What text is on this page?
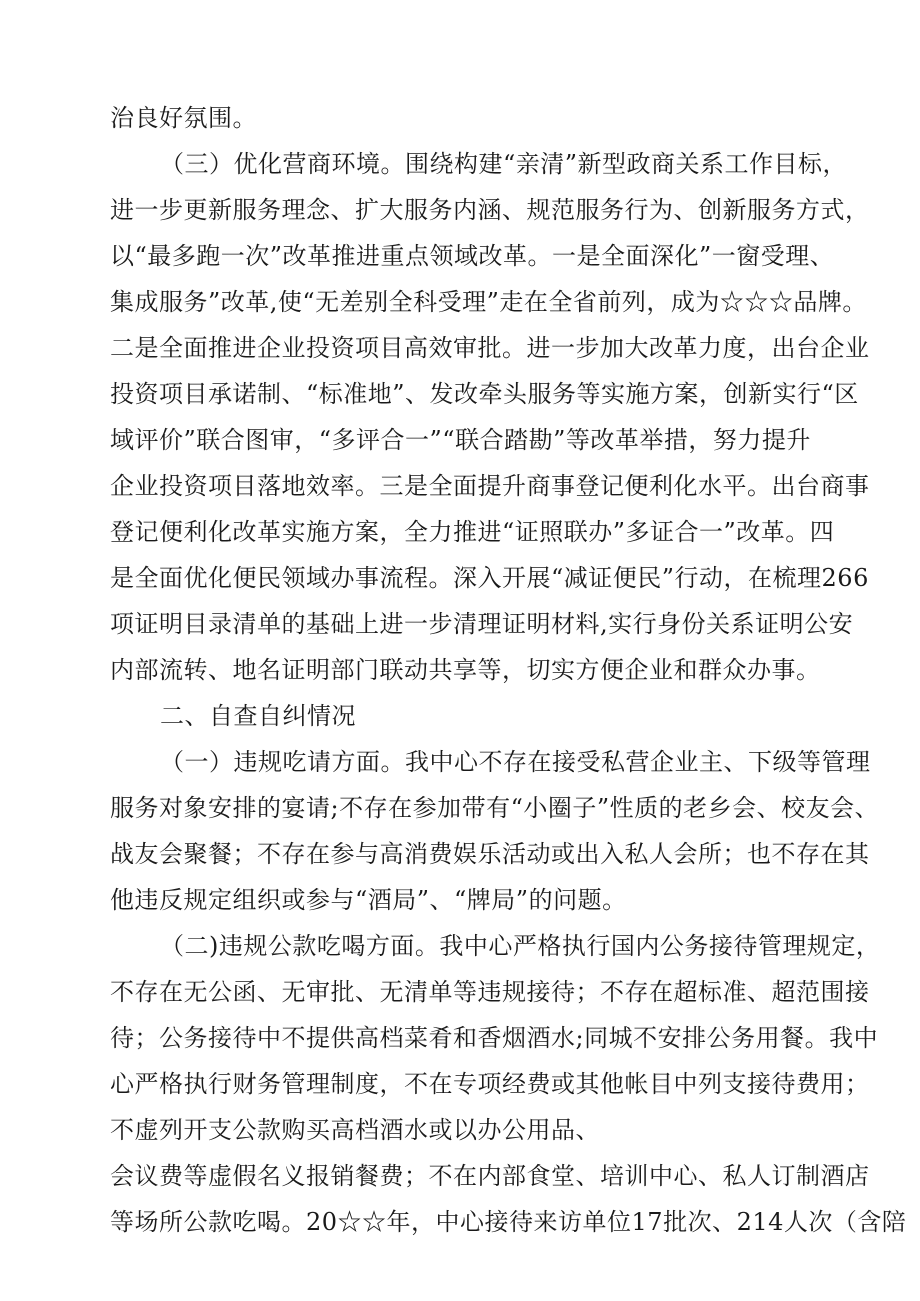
治良好氛围。
（三）优化营商环境。围绕构建“亲清”新型政商关系工作目标，
进一步更新服务理念、扩大服务内涵、规范服务行为、创新服务方式，
以“最多跑一次”改革推进重点领域改革。一是全面深化”一窗受理、
集成服务”改革,使“无差别全科受理”走在全省前列，成为☆☆☆品牌。
二是全面推进企业投资项目高效审批。进一步加大改革力度，出台企业
投资项目承诺制、“标准地”、发改牵头服务等实施方案，创新实行“区
域评价”联合图审，“多评合一”“联合踏勘”等改革举措，努力提升
企业投资项目落地效率。三是全面提升商事登记便利化水平。出台商事
登记便利化改革实施方案，全力推进“证照联办”多证合一”改革。四
是全面优化便民领域办事流程。深入开展“减证便民”行动，在梳理266
项证明目录清单的基础上进一步清理证明材料,实行身份关系证明公安
内部流转、地名证明部门联动共享等，切实方便企业和群众办事。
二、自查自纠情况
（一）违规吃请方面。我中心不存在接受私营企业主、下级等管理
服务对象安排的宴请;不存在参加带有“小圈子”性质的老乡会、校友会、
战友会聚餐；不存在参与高消费娱乐活动或出入私人会所；也不存在其
他违反规定组织或参与“酒局”、“牌局”的问题。
（二)违规公款吃喝方面。我中心严格执行国内公务接待管理规定，
不存在无公函、无审批、无清单等违规接待；不存在超标准、超范围接
待；公务接待中不提供高档菜肴和香烟酒水;同城不安排公务用餐。我中
心严格执行财务管理制度，不在专项经费或其他帐目中列支接待费用；
不虚列开支公款购买高档酒水或以办公用品、
会议费等虚假名义报销餐费；不在内部食堂、培训中心、私人订制酒店
等场所公款吃喝。20☆☆年，中心接待来访单位17批次、214人次（含陪
